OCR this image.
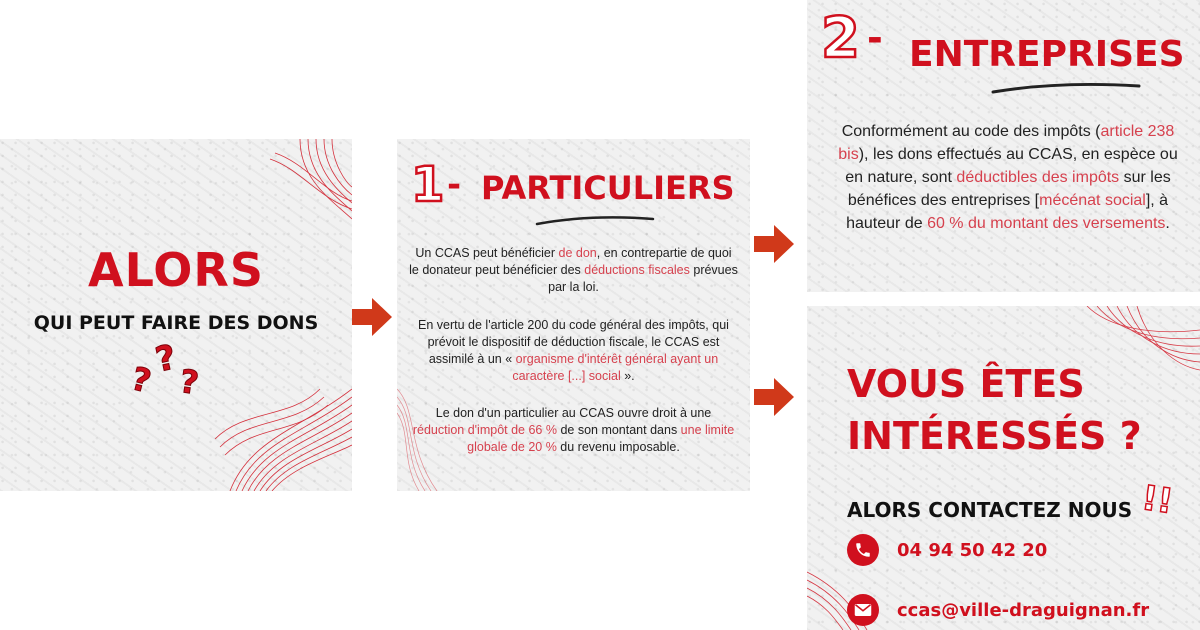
ALORS
QUI PEUT FAIRE DES DONS
?
? ?
1 - PARTICULIERS
Un CCAS peut bénéficier de don, en contrepartie de quoi le donateur peut bénéficier des déductions fiscales prévues par la loi.
En vertu de l'article 200 du code général des impôts, qui prévoit le dispositif de déduction fiscale, le CCAS est assimilé à un « organisme d'intérêt général ayant un caractère [...] social ».
Le don d'un particulier au CCAS ouvre droit à une réduction d'impôt de 66 % de son montant dans une limite globale de 20 % du revenu imposable.
2 - ENTREPRISES
Conformément au code des impôts (article 238 bis), les dons effectués au CCAS, en espèce ou en nature, sont déductibles des impôts sur les bénéfices des entreprises [mécénat social], à hauteur de 60 % du montant des versements.
VOUS ÊTES
INTÉRESSÉS ?
ALORS CONTACTEZ NOUS !!
04 94 50 42 20
ccas@ville-draguignan.fr
